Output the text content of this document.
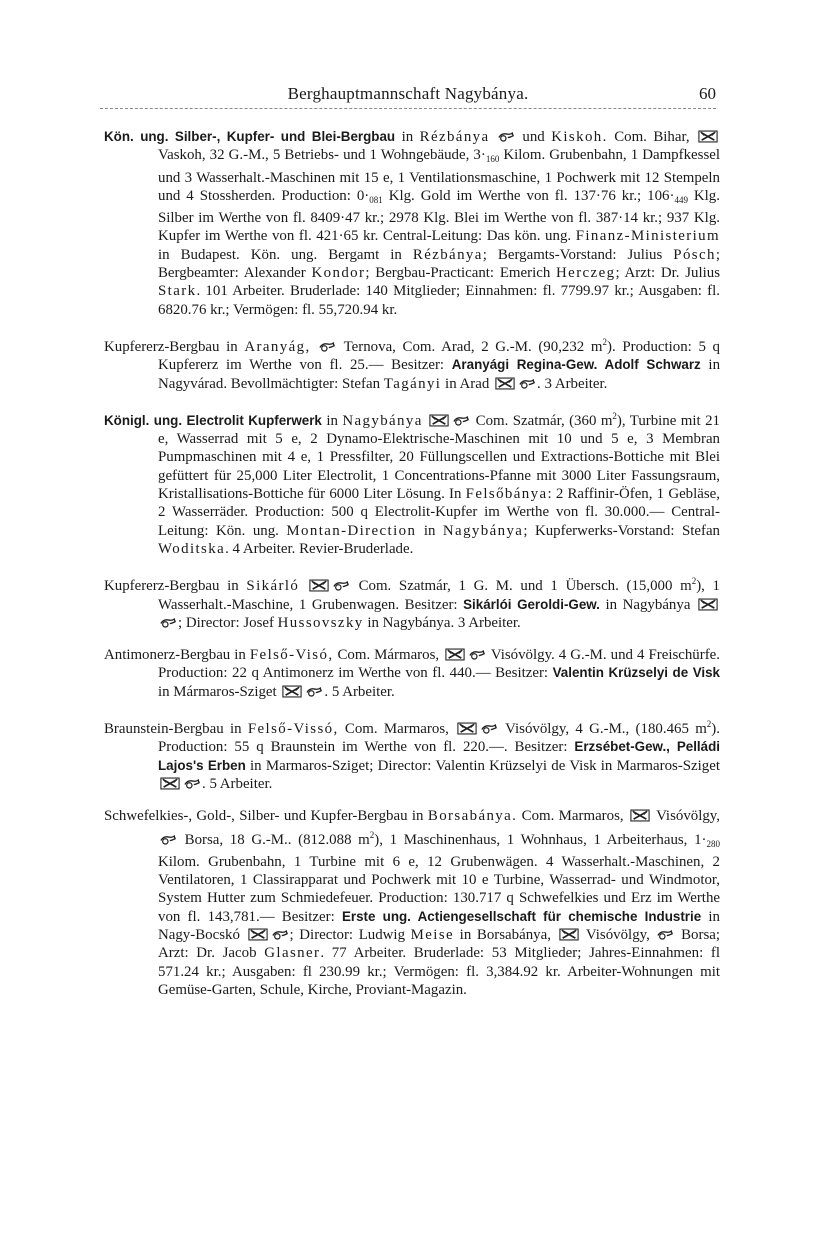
Berghauptmannschaft Nagybánya.	60

Kön. ung. Silber-, Kupfer- und Blei-Bergbau in Rézbánya  und Kiskoh. Com. Bihar,  Vaskoh, 32 G.-M., 5 Betriebs- und 1 Wohngebäude, $3\cdot_{160}$ Kilom. Grubenbahn, 1 Dampfkessel und 3 Wasserhalt.-Maschinen mit 15 e, 1 Ventilationsmaschine, 1 Pochwerk mit 12 Stempeln und 4 Stossherden. Production: $0\cdot_{081}$ Klg. Gold im Werthe von fl. 137·76 kr.; $106\cdot_{449}$ Klg. Silber im Werthe von fl. 8409·47 kr.; 2978 Klg. Blei im Werthe von fl. 387·14 kr.; 937 Klg. Kupfer im Werthe von fl. 421·65 kr. Central-Leitung: Das kön. ung. Finanz-Ministerium in Budapest. Kön. ung. Bergamt in Rézbánya; Bergamts-Vorstand: Julius Pósch; Bergbeamter: Alexander Kondor; Bergbau-Practicant: Emerich Herczeg; Arzt: Dr. Julius Stark. 101 Arbeiter. Bruderlade: 140 Mitglieder; Einnahmen: fl. 7799.97 kr.; Ausgaben: fl. 6820.76 kr.; Vermögen: fl. 55,720.94 kr.

Kupfererz-Bergbau in Aranyág,  Ternova, Com. Arad, 2 G.-M. (90,232 $m^2$). Production: 5 q Kupfererz im Werthe von fl. 25.— Besitzer: Aranyági Regina-Gew. Adolf Schwarz in Nagyvárad. Bevollmächtigter: Stefan Tagányi in Arad	. 3 Arbeiter.

Königl. ung. Electrolit Kupferwerk in Nagybánya	Com. Szatmár, (360 $m^2$), Turbine mit 21 e, Wasserrad mit 5 e, 2 Dynamo-Elektrische-Maschinen mit 10 und 5 e, 3 Membran Pumpmaschinen mit 4 e, 1 Pressfilter, 20 Füllungscellen und Extractions-Bottiche mit Blei gefüttert für 25,000 Liter Electrolit, 1 Concentrations-Pfanne mit 3000 Liter Fassungsraum, Kristallisations-Bottiche für 6000 Liter Lösung. In Felsőbánya: 2 Raffinir-Öfen, 1 Gebläse, 2 Wasserräder. Production: 500 q Electrolit-Kupfer im Werthe von fl. 30.000.— Central-Leitung: Kön. ung. Montan-Direction in Nagybánya; Kupferwerks-Vorstand: Stefan Woditska. 4 Arbeiter. Revier-Bruderlade.

Kupfererz-Bergbau in Sikárló	Com. Szatmár, 1 G. M. und 1 Übersch. (15,000 $m^2$), 1 Wasserhalt.-Maschine, 1 Grubenwagen. Besitzer: Sikárlói Geroldi-Gew. in Nagybánya ; Director: Josef Hussovszky in Nagybánya. 3 Arbeiter.

Antimonerz-Bergbau in Felső-Visó, Com. Mármaros,	Visóvölgy. 4 G.-M. und 4 Freischürfe. Production: 22 q Antimonerz im Werthe von fl. 440.— Besitzer: Valentin Krüzselyi de Visk in Mármaros-Sziget	. 5 Arbeiter.

Braunstein-Bergbau in Felső-Vissó, Com. Marmaros,	Visóvölgy, 4 G.-M., (180.465 $m^2$). Production: 55 q Braunstein im Werthe von fl. 220.—. Besitzer: Erzsébet-Gew., Pelládi Lajos's Erben in Marmaros-Sziget; Director: Valentin Krüzselyi de Visk in Marmaros-Sziget . 5 Arbeiter.

Schwefelkies-, Gold-, Silber- und Kupfer-Bergbau in Borsabánya. Com. Marmaros,  Visóvölgy,  Borsa, 18 G.-M.. (812.088 $m^2$), 1 Maschinenhaus, 1 Wohnhaus, 1 Arbeiterhaus, $1\cdot_{280}$ Kilom. Grubenbahn, 1 Turbine mit 6 e, 12 Grubenwägen. 4 Wasserhalt.-Maschinen, 2 Ventilatoren, 1 Classirapparat und Pochwerk mit 10 e Turbine, Wasserrad- und Windmotor, System Hutter zum Schmiedefeuer. Production: 130.717 q Schwefelkies und Erz im Werthe von fl. 143,781.— Besitzer: Erste ung. Actiengesellschaft für chemische Industrie in Nagy-Bocskó	; Director: Ludwig Meise in Borsabánya,  Visóvölgy,  Borsa; Arzt: Dr. Jacob Glasner. 77 Arbeiter. Bruderlade: 53 Mitglieder; Jahres-Einnahmen: fl 571.24 kr.; Ausgaben: fl 230.99 kr.; Vermögen: fl. 3,384.92 kr. Arbeiter-Wohnungen mit Gemüse-Garten, Schule, Kirche, Proviant-Magazin.
